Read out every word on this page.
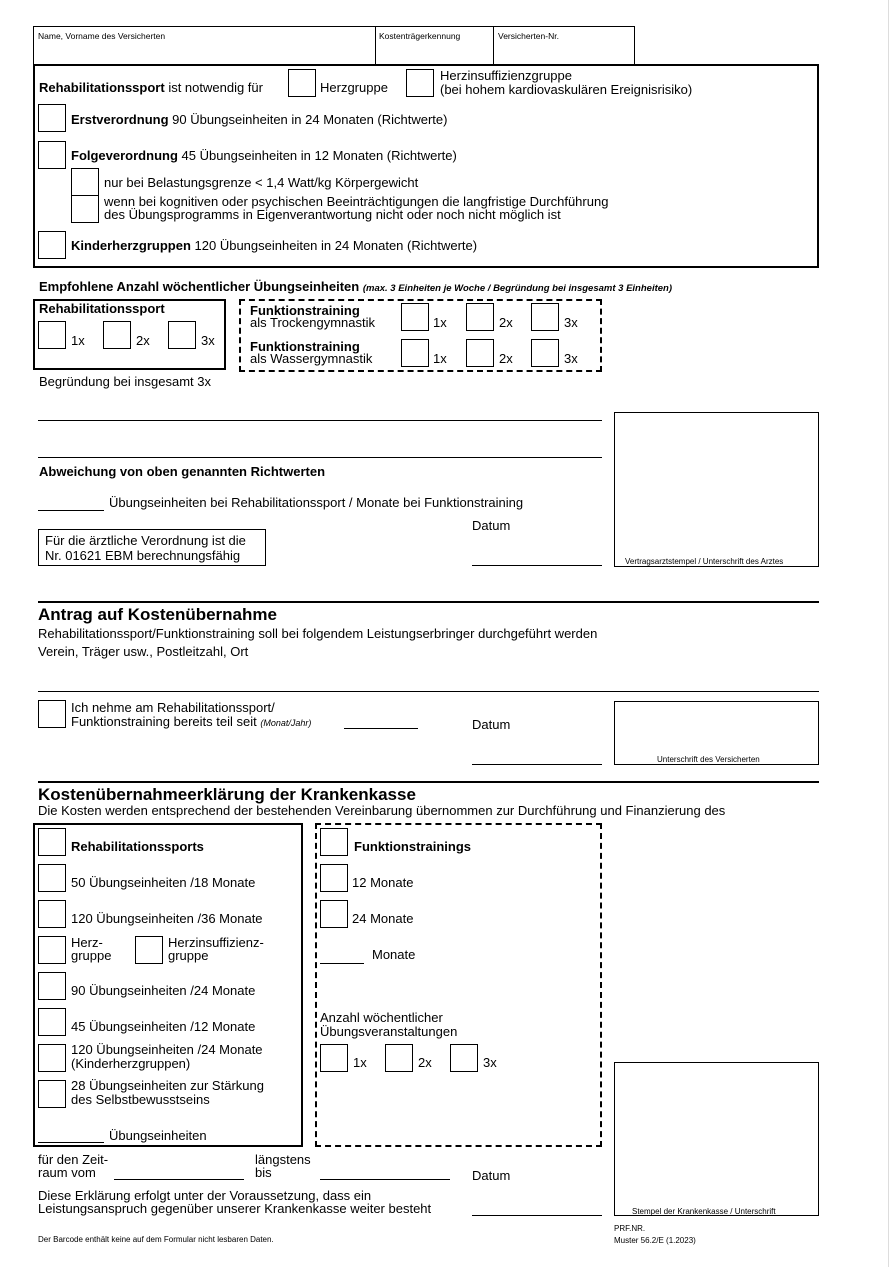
Name, Vorname des Versicherten	Kostenträgerkennung	Versicherten-Nr.
Rehabilitationssport ist notwendig für	Herzgruppe
Herzinsuffizienzgruppe
(bei hohem kardiovaskulären Ereignisrisiko)
Erstverordnung 90 Übungseinheiten in 24 Monaten (Richtwerte)
Folgeverordnung 45 Übungseinheiten in 12 Monaten (Richtwerte)
nur bei Belastungsgrenze < 1,4 Watt/kg Körpergewicht
wenn bei kognitiven oder psychischen Beeinträchtigungen die langfristige Durchführung
des Übungsprogramms in Eigenverantwortung nicht oder noch nicht möglich ist
Kinderherzgruppen 120 Übungseinheiten in 24 Monaten (Richtwerte)
Empfohlene Anzahl wöchentlicher Übungseinheiten (max. 3 Einheiten je Woche / Begründung bei insgesamt 3 Einheiten)
Rehabilitationssport
1x	2x	3x
Funktionstraining
als Trockengymnastik	1x	2x	3x
Funktionstraining
als Wassergymnastik	1x	2x	3x
Begründung bei insgesamt 3x
Abweichung von oben genannten Richtwerten
Übungseinheiten bei Rehabilitationssport / Monate bei Funktionstraining
Datum
Für die ärztliche Verordnung ist die
Nr. 01621 EBM berechnungsfähig	Vertragsarztstempel / Unterschrift des Arztes
Antrag auf Kostenübernahme
Rehabilitationssport/Funktionstraining soll bei folgendem Leistungserbringer durchgeführt werden
Verein, Träger usw., Postleitzahl, Ort
Ich nehme am Rehabilitationssport/
Funktionstraining bereits teil seit (Monat/Jahr)	Datum
Unterschrift des Versicherten
Kostenübernahmeerklärung der Krankenkasse
Die Kosten werden entsprechend der bestehenden Vereinbarung übernommen zur Durchführung und Finanzierung des
Rehabilitationssports
50 Übungseinheiten /18 Monate
120 Übungseinheiten /36 Monate
Herz-
gruppe
Herzinsuffizienz-
gruppe
90 Übungseinheiten /24 Monate
45 Übungseinheiten /12 Monate
120 Übungseinheiten /24 Monate
(Kinderherzgruppen)
28 Übungseinheiten zur Stärkung
des Selbstbewusstseins
Übungseinheiten
Funktionstrainings
12 Monate
24 Monate
Monate
Anzahl wöchentlicher
Übungsveranstaltungen
1x	2x	3x
für den Zeit-
raum vom
längstens
bis	Datum
Diese Erklärung erfolgt unter der Voraussetzung, dass ein
Leistungsanspruch gegenüber unserer Krankenkasse weiter besteht	Stempel der Krankenkasse / Unterschrift
Der Barcode enthält keine auf dem Formular nicht lesbaren Daten.
PRF.NR.
Muster 56.2/E (1.2023)
